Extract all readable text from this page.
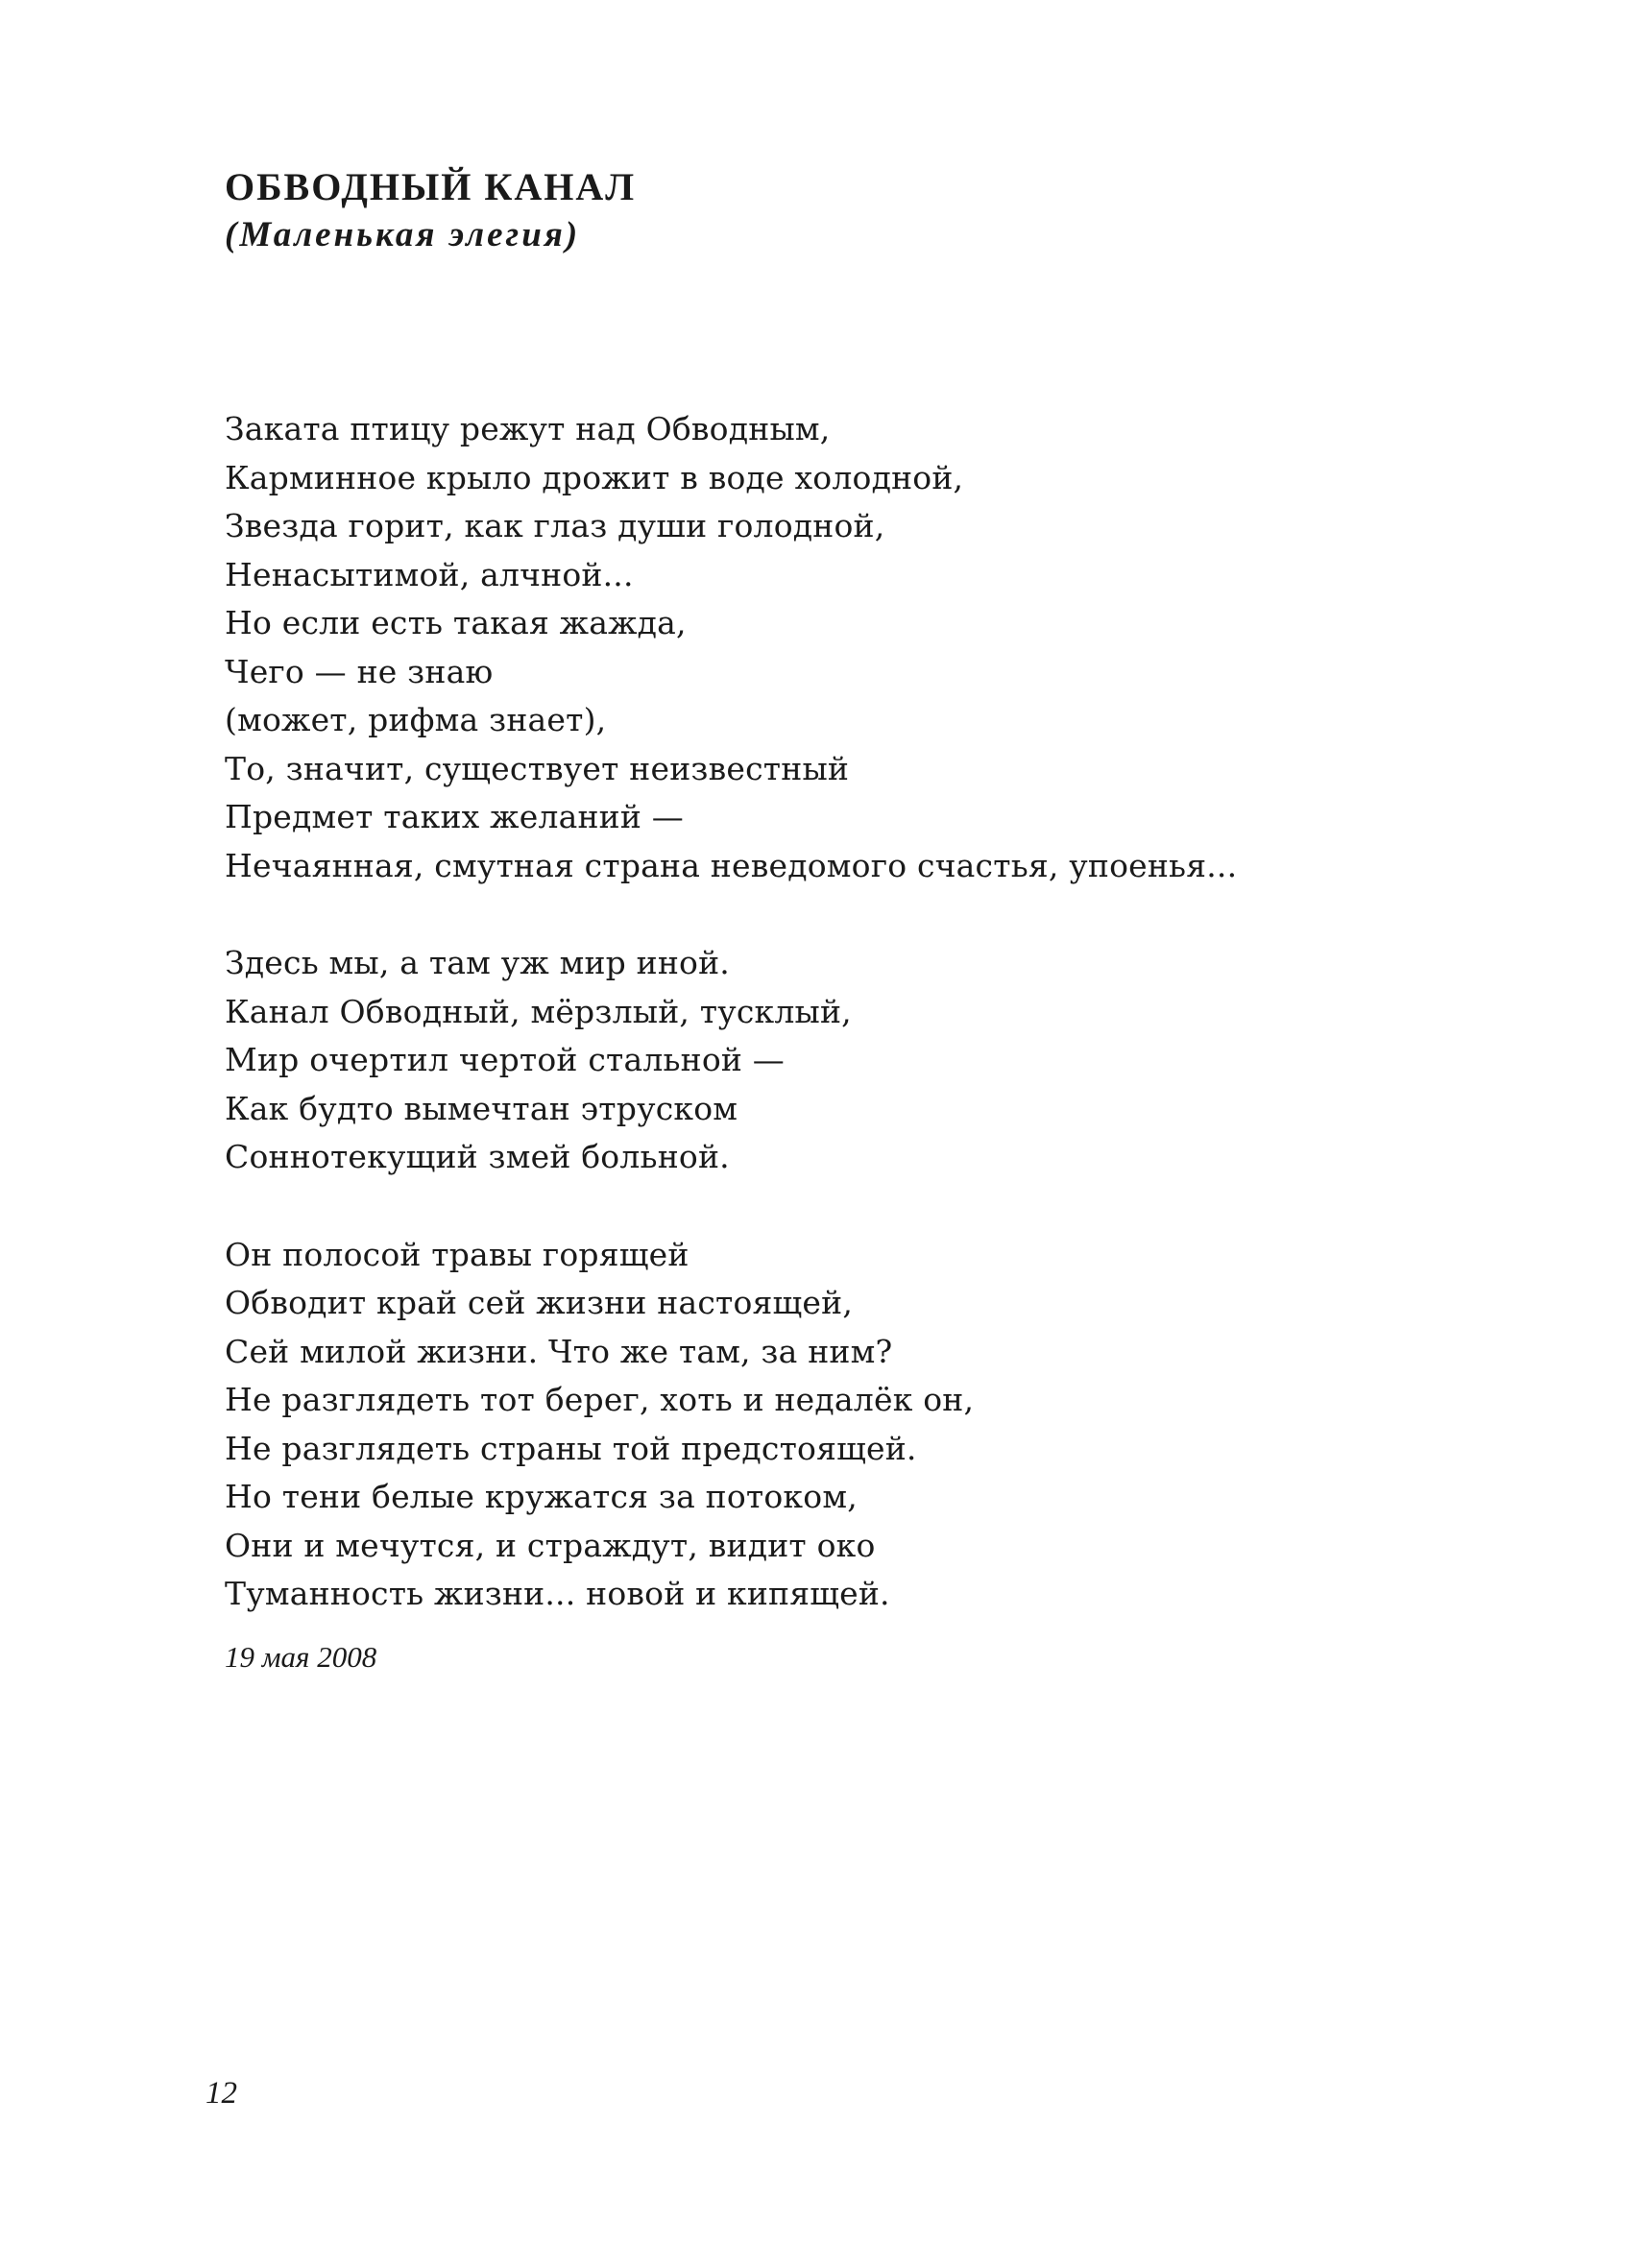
ОБВОДНЫЙ КАНАЛ
(Маленькая элегия)
Заката птицу режут над Обводным,
Карминное крыло дрожит в воде холодной,
Звезда горит, как глаз души голодной,
Ненасытимой, алчной...
Но если есть такая жажда,
Чего — не знаю
(может, рифма знает),
То, значит, существует неизвестный
Предмет таких желаний —
Нечаянная, смутная страна неведомого счастья, упоенья...
Здесь мы, а там уж мир иной.
Канал Обводный, мёрзлый, тусклый,
Мир очертил чертой стальной —
Как будто вымечтан этруском
Соннотекущий змей больной.
Он полосой травы горящей
Обводит край сей жизни настоящей,
Сей милой жизни. Что же там, за ним?
Не разглядеть тот берег, хоть и недалёк он,
Не разглядеть страны той предстоящей.
Но тени белые кружатся за потоком,
Они и мечутся, и страждут, видит око
Туманность жизни... новой и кипящей.
19 мая 2008
12
